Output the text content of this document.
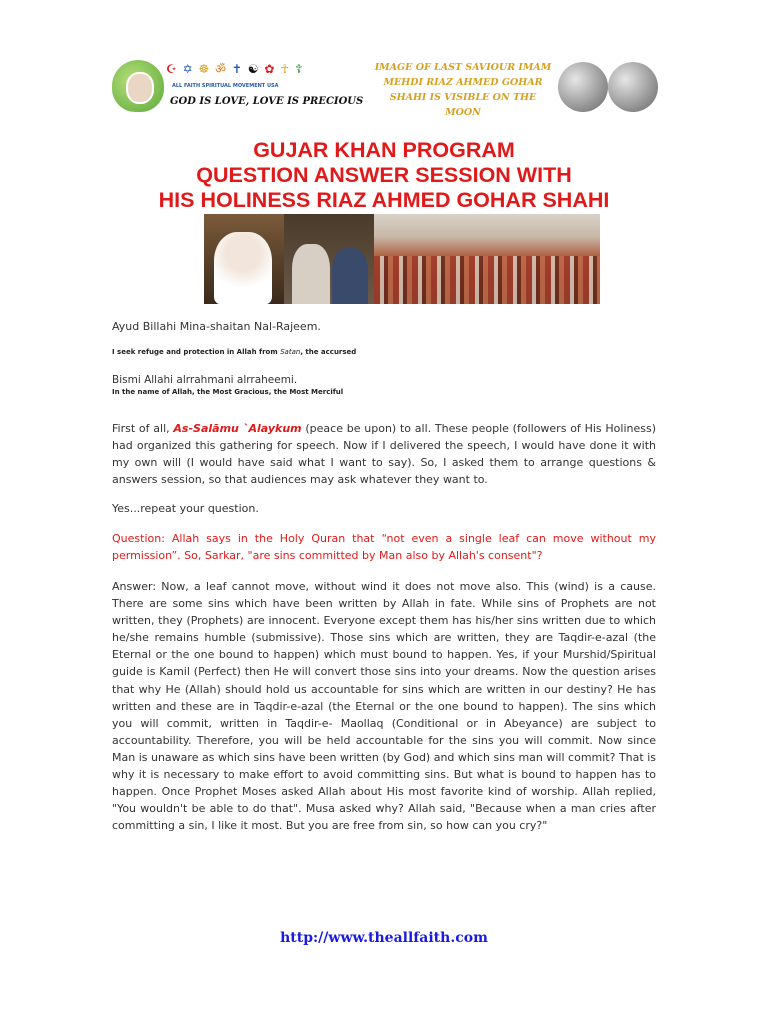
☪ ✡ ☸ ॐ ✝ ☯ ✿ ☥ ☦
ALL FAITH SPIRITUAL MOVEMENT USA
GOD IS LOVE, LOVE IS PRECIOUS
IMAGE OF LAST SAVIOUR IMAM
MEHDI RIAZ AHMED GOHAR
SHAHI IS VISIBLE ON THE MOON
GUJAR KHAN PROGRAM
QUESTION ANSWER SESSION WITH
HIS HOLINESS RIAZ AHMED GOHAR SHAHI
Ayud Billahi Mina-shaitan Nal-Rajeem.
I seek refuge and protection in Allah from Satan, the accursed
Bismi Allahi alrrahmani alrraheemi.
In the name of Allah, the Most Gracious, the Most Merciful
First of all, As-Salāmu `Alaykum (peace be upon) to all. These people (followers of His Holiness) had organized this gathering for speech. Now if I delivered the speech, I would have done it with my own will (I would have said what I want to say). So, I asked them to arrange questions & answers session, so that audiences may ask whatever they want to.
Yes...repeat your question.
Question: Allah says in the Holy Quran that “not even a single leaf can move without my permission”. So, Sarkar, "are sins committed by Man also by Allah's consent"?
Answer: Now, a leaf cannot move, without wind it does not move also. This (wind) is a cause. There are some sins which have been written by Allah in fate. While sins of Prophets are not written, they (Prophets) are innocent. Everyone except them has his/her sins written due to which he/she remains humble (submissive). Those sins which are written, they are Taqdir-e-azal (the Eternal or the one bound to happen) which must bound to happen. Yes, if your Murshid/Spiritual guide is Kamil (Perfect) then He will convert those sins into your dreams. Now the question arises that why He (Allah) should hold us accountable for sins which are written in our destiny? He has written and these are in Taqdir-e-azal (the Eternal or the one bound to happen). The sins which you will commit, written in Taqdir-e- Maollaq (Conditional or in Abeyance) are subject to accountability. Therefore, you will be held accountable for the sins you will commit. Now since Man is unaware as which sins have been written (by God) and which sins man will commit? That is why it is necessary to make effort to avoid committing sins. But what is bound to happen has to happen. Once Prophet Moses asked Allah about His most favorite kind of worship. Allah replied, "You wouldn't be able to do that". Musa asked why? Allah said, "Because when a man cries after committing a sin, I like it most. But you are free from sin, so how can you cry?"
http://www.theallfaith.com
